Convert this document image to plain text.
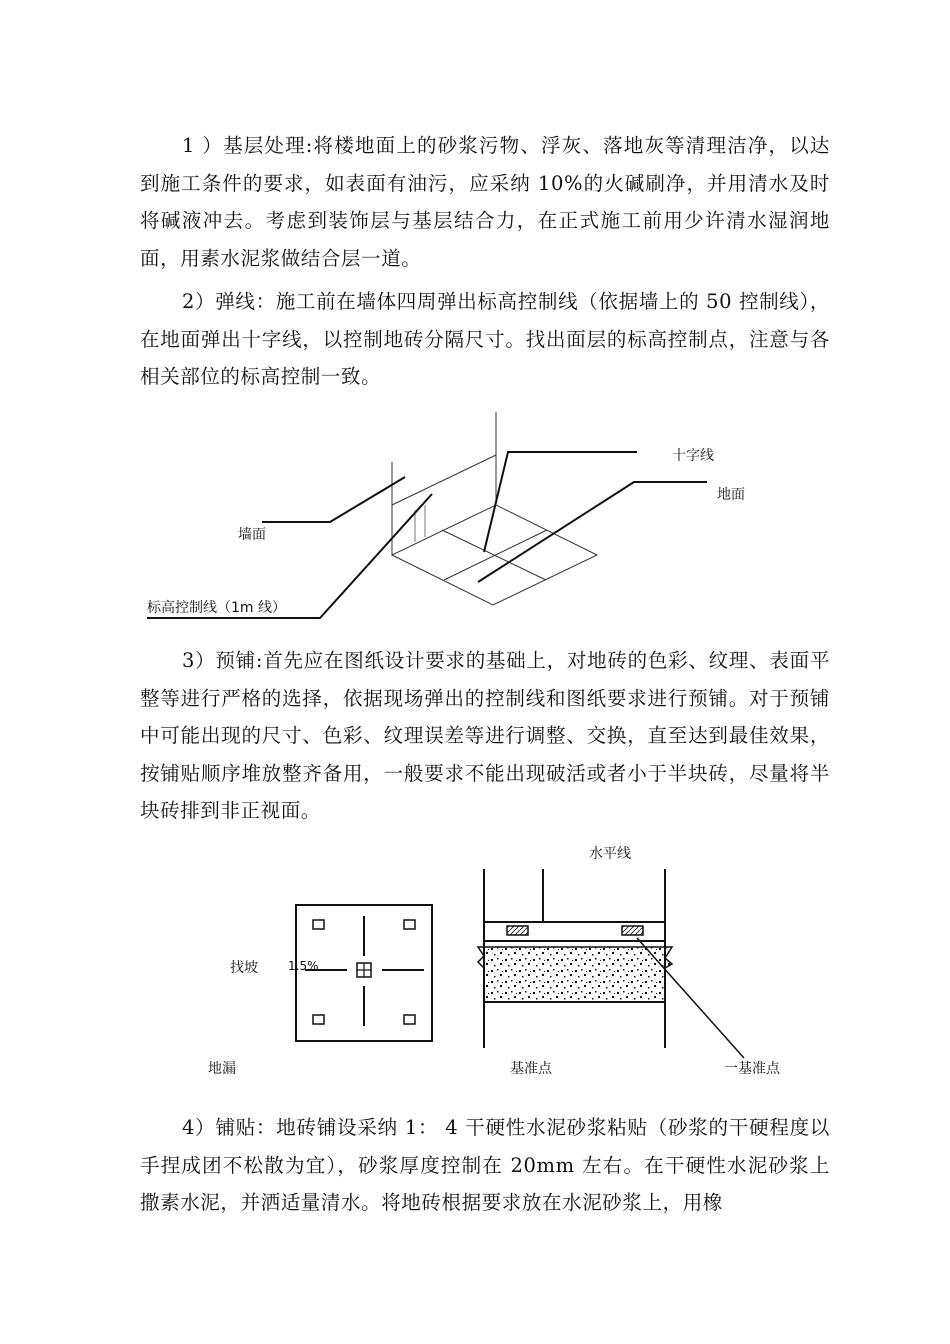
1 ）基层处理:将楼地面上的砂浆污物、浮灰、落地灰等清理洁净，以达到施工条件的要求，如表面有油污，应采纳 10%的火碱刷净，并用清水及时将碱液冲去。考虑到装饰层与基层结合力，在正式施工前用少许清水湿润地面，用素水泥浆做结合层一道。

2）弹线：施工前在墙体四周弹出标高控制线（依据墙上的 50 控制线），在地面弹出十字线，以控制地砖分隔尺寸。找出面层的标高控制点，注意与各相关部位的标高控制一致。

十字线
地面
墙面
标高控制线（1m 线）

3）预铺:首先应在图纸设计要求的基础上，对地砖的色彩、纹理、表面平整等进行严格的选择，依据现场弹出的控制线和图纸要求进行预铺。对于预铺中可能出现的尺寸、色彩、纹理误差等进行调整、交换，直至达到最佳效果，按铺贴顺序堆放整齐备用，一般要求不能出现破活或者小于半块砖，尽量将半块砖排到非正视面。

找坡	1.5%
地漏
水平线
基准点	一基准点

4）铺贴：地砖铺设采纳 1： 4 干硬性水泥砂浆粘贴（砂浆的干硬程度以手捏成团不松散为宜），砂浆厚度控制在 20mm 左右。在干硬性水泥砂浆上撒素水泥，并洒适量清水。将地砖根据要求放在水泥砂浆上，用橡
